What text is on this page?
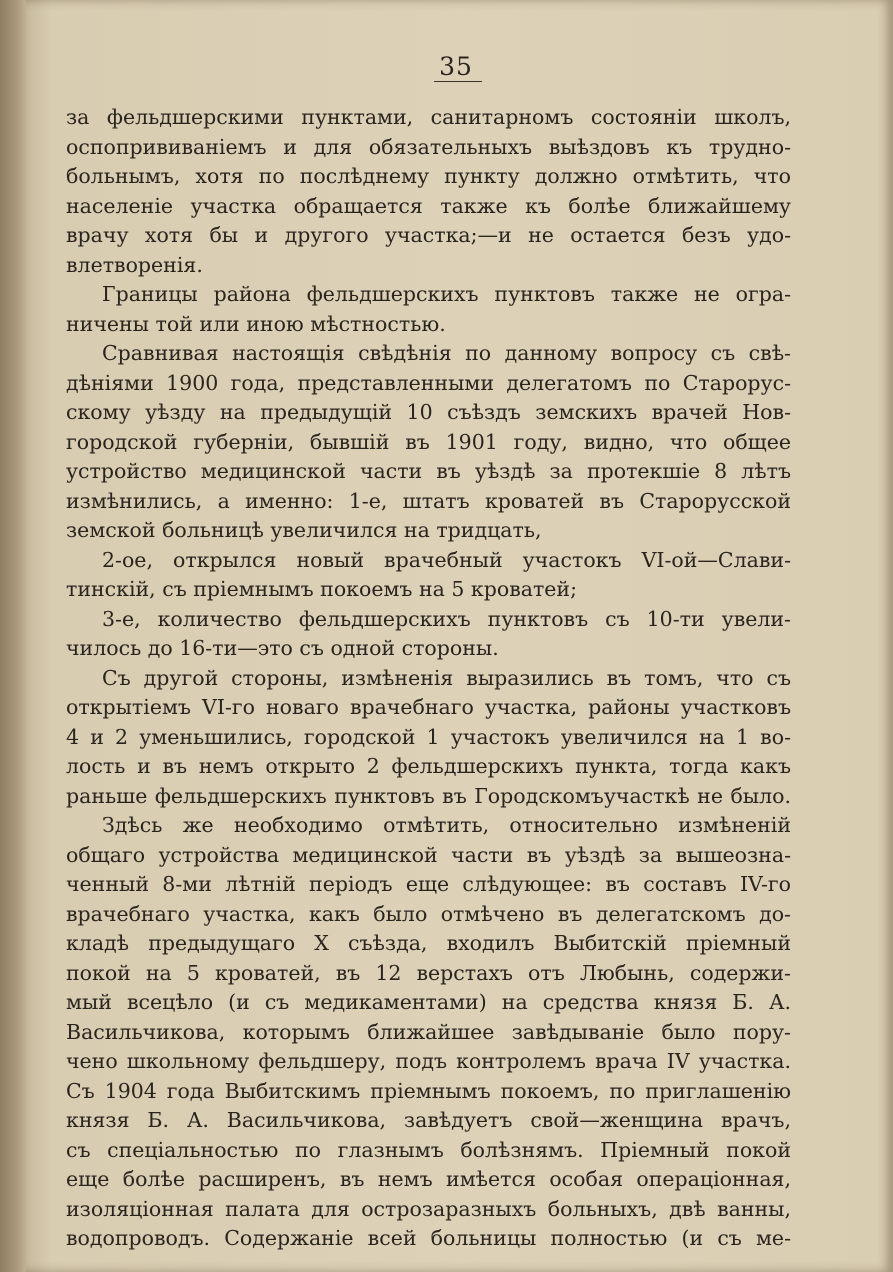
35
за фельдшерскими пунктами, санитарномъ состоянiи школъ,
оспопрививанiемъ и для обязательныхъ выѣздовъ къ трудно-
больнымъ, хотя по послѣднему пункту должно отмѣтить, что
населенiе участка обращается также къ болѣе ближайшему
врачу хотя бы и другого участка;—и не остается безъ удо-
влетворенiя.
Границы района фельдшерскихъ пунктовъ также не огра-
ничены той или иною мѣстностью.
Сравнивая настоящiя свѣдѣнiя по данному вопросу съ свѣ-
дѣнiями 1900 года, представленными делегатомъ по Старорус-
скому уѣзду на предыдущiй 10 съѣздъ земскихъ врачей Нов-
городской губернiи, бывшiй въ 1901 году, видно, что общее
устройство медицинской части въ уѣздѣ за протекшiе 8 лѣтъ
измѣнились, а именно: 1-е, штатъ кроватей въ Старорусской
земской больницѣ увеличился на тридцать,
2-ое, открылся новый врачебный участокъ VI-ой—Слави-
тинскiй, съ прiемнымъ покоемъ на 5 кроватей;
3-е, количество фельдшерскихъ пунктовъ съ 10-ти увели-
чилось до 16-ти—это съ одной стороны.
Съ другой стороны, измѣненiя выразились въ томъ, что съ
открытiемъ VI-го новаго врачебнаго участка, районы участковъ
4 и 2 уменьшились, городской 1 участокъ увеличился на 1 во-
лость и въ немъ открыто 2 фельдшерскихъ пункта, тогда какъ
раньше фельдшерскихъ пунктовъ въ Городскомъучасткѣ не было.
Здѣсь же необходимо отмѣтить, относительно измѣненiй
общаго устройства медицинской части въ уѣздѣ за вышеозна-
ченный 8-ми лѣтнiй перiодъ еще слѣдующее: въ составъ IV-го
врачебнаго участка, какъ было отмѣчено въ делегатскомъ до-
кладѣ предыдущаго X съѣзда, входилъ Выбитскiй прiемный
покой на 5 кроватей, въ 12 верстахъ отъ Любынь, содержи-
мый всецѣло (и съ медикаментами) на средства князя Б. А.
Васильчикова, которымъ ближайшее завѣдыванiе было пору-
чено школьному фельдшеру, подъ контролемъ врача IV участка.
Съ 1904 года Выбитскимъ прiемнымъ покоемъ, по приглашенiю
князя Б. А. Васильчикова, завѣдуетъ свой—женщина врачъ,
съ спецiальностью по глазнымъ болѣзнямъ. Прiемный покой
еще болѣе расширенъ, въ немъ имѣется особая операцiонная,
изоляцiонная палата для острозаразныхъ больныхъ, двѣ ванны,
водопроводъ. Содержанiе всей больницы полностью (и съ ме-
